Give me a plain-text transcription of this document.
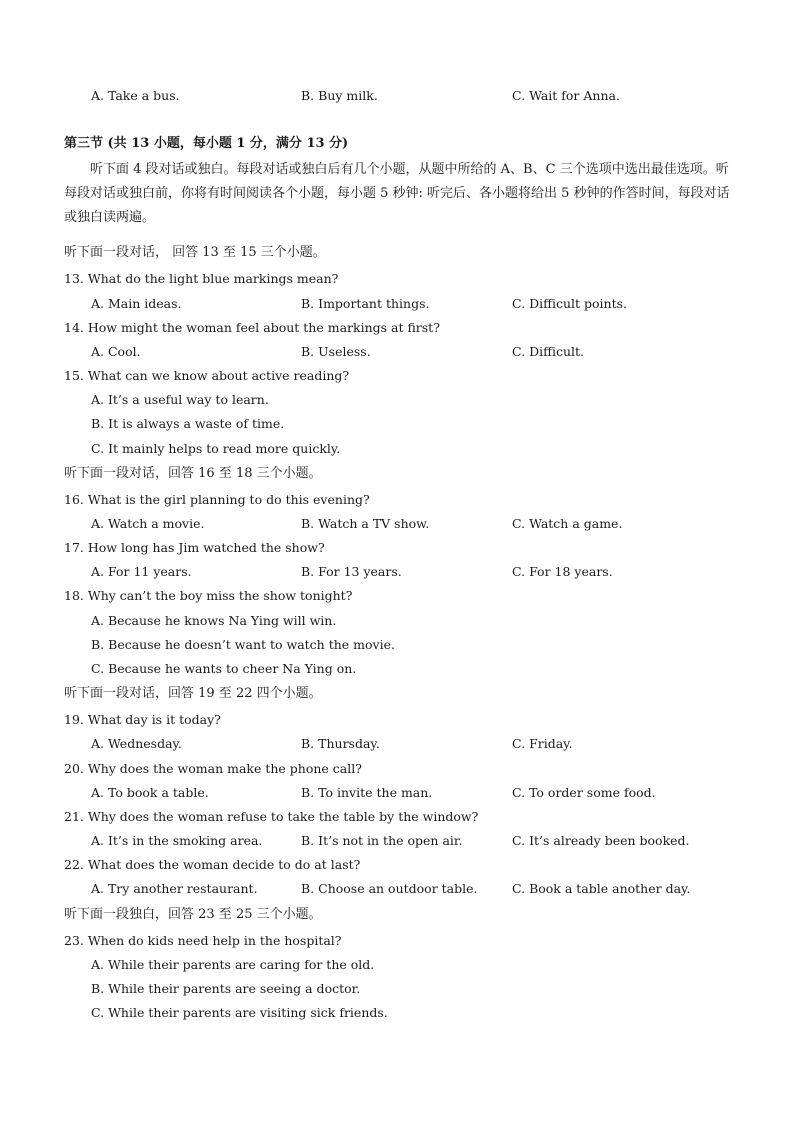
A. Take a bus.	B. Buy milk.	C. Wait for Anna.
第三节 (共 13 小题，每小题 1 分，满分 13 分)
听下面 4 段对话或独白。每段对话或独白后有几个小题，从题中所给的 A、B、C 三个选项中选出最佳选项。听每段对话或独白前，你将有时间阅读各个小题，每小题 5 秒钟: 听完后、各小题将给出 5 秒钟的作答时间，每段对话或独白读两遍。
听下面一段对话， 回答 13 至 15 三个小题。
13. What do the light blue markings mean?
A. Main ideas.	B. Important things.	C. Difficult points.
14. How might the woman feel about the markings at first?
A. Cool.	B. Useless.	C. Difficult.
15. What can we know about active reading?
A. It’s a useful way to learn.
B. It is always a waste of time.
C. It mainly helps to read more quickly.
听下面一段对话，回答 16 至 18 三个小题。
16. What is the girl planning to do this evening?
A. Watch a movie.	B. Watch a TV show.	C. Watch a game.
17. How long has Jim watched the show?
A. For 11 years.	B. For 13 years.	C. For 18 years.
18. Why can’t the boy miss the show tonight?
A. Because he knows Na Ying will win.
B. Because he doesn’t want to watch the movie.
C. Because he wants to cheer Na Ying on.
听下面一段对话，回答 19 至 22 四个小题。
19. What day is it today?
A. Wednesday.	B. Thursday.	C. Friday.
20. Why does the woman make the phone call?
A. To book a table.	B. To invite the man.	C. To order some food.
21. Why does the woman refuse to take the table by the window?
A. It’s in the smoking area.	B. It’s not in the open air.	C. It’s already been booked.
22. What does the woman decide to do at last?
A. Try another restaurant.	B. Choose an outdoor table.	C. Book a table another day.
听下面一段独白，回答 23 至 25 三个小题。
23. When do kids need help in the hospital?
A. While their parents are caring for the old.
B. While their parents are seeing a doctor.
C. While their parents are visiting sick friends.
